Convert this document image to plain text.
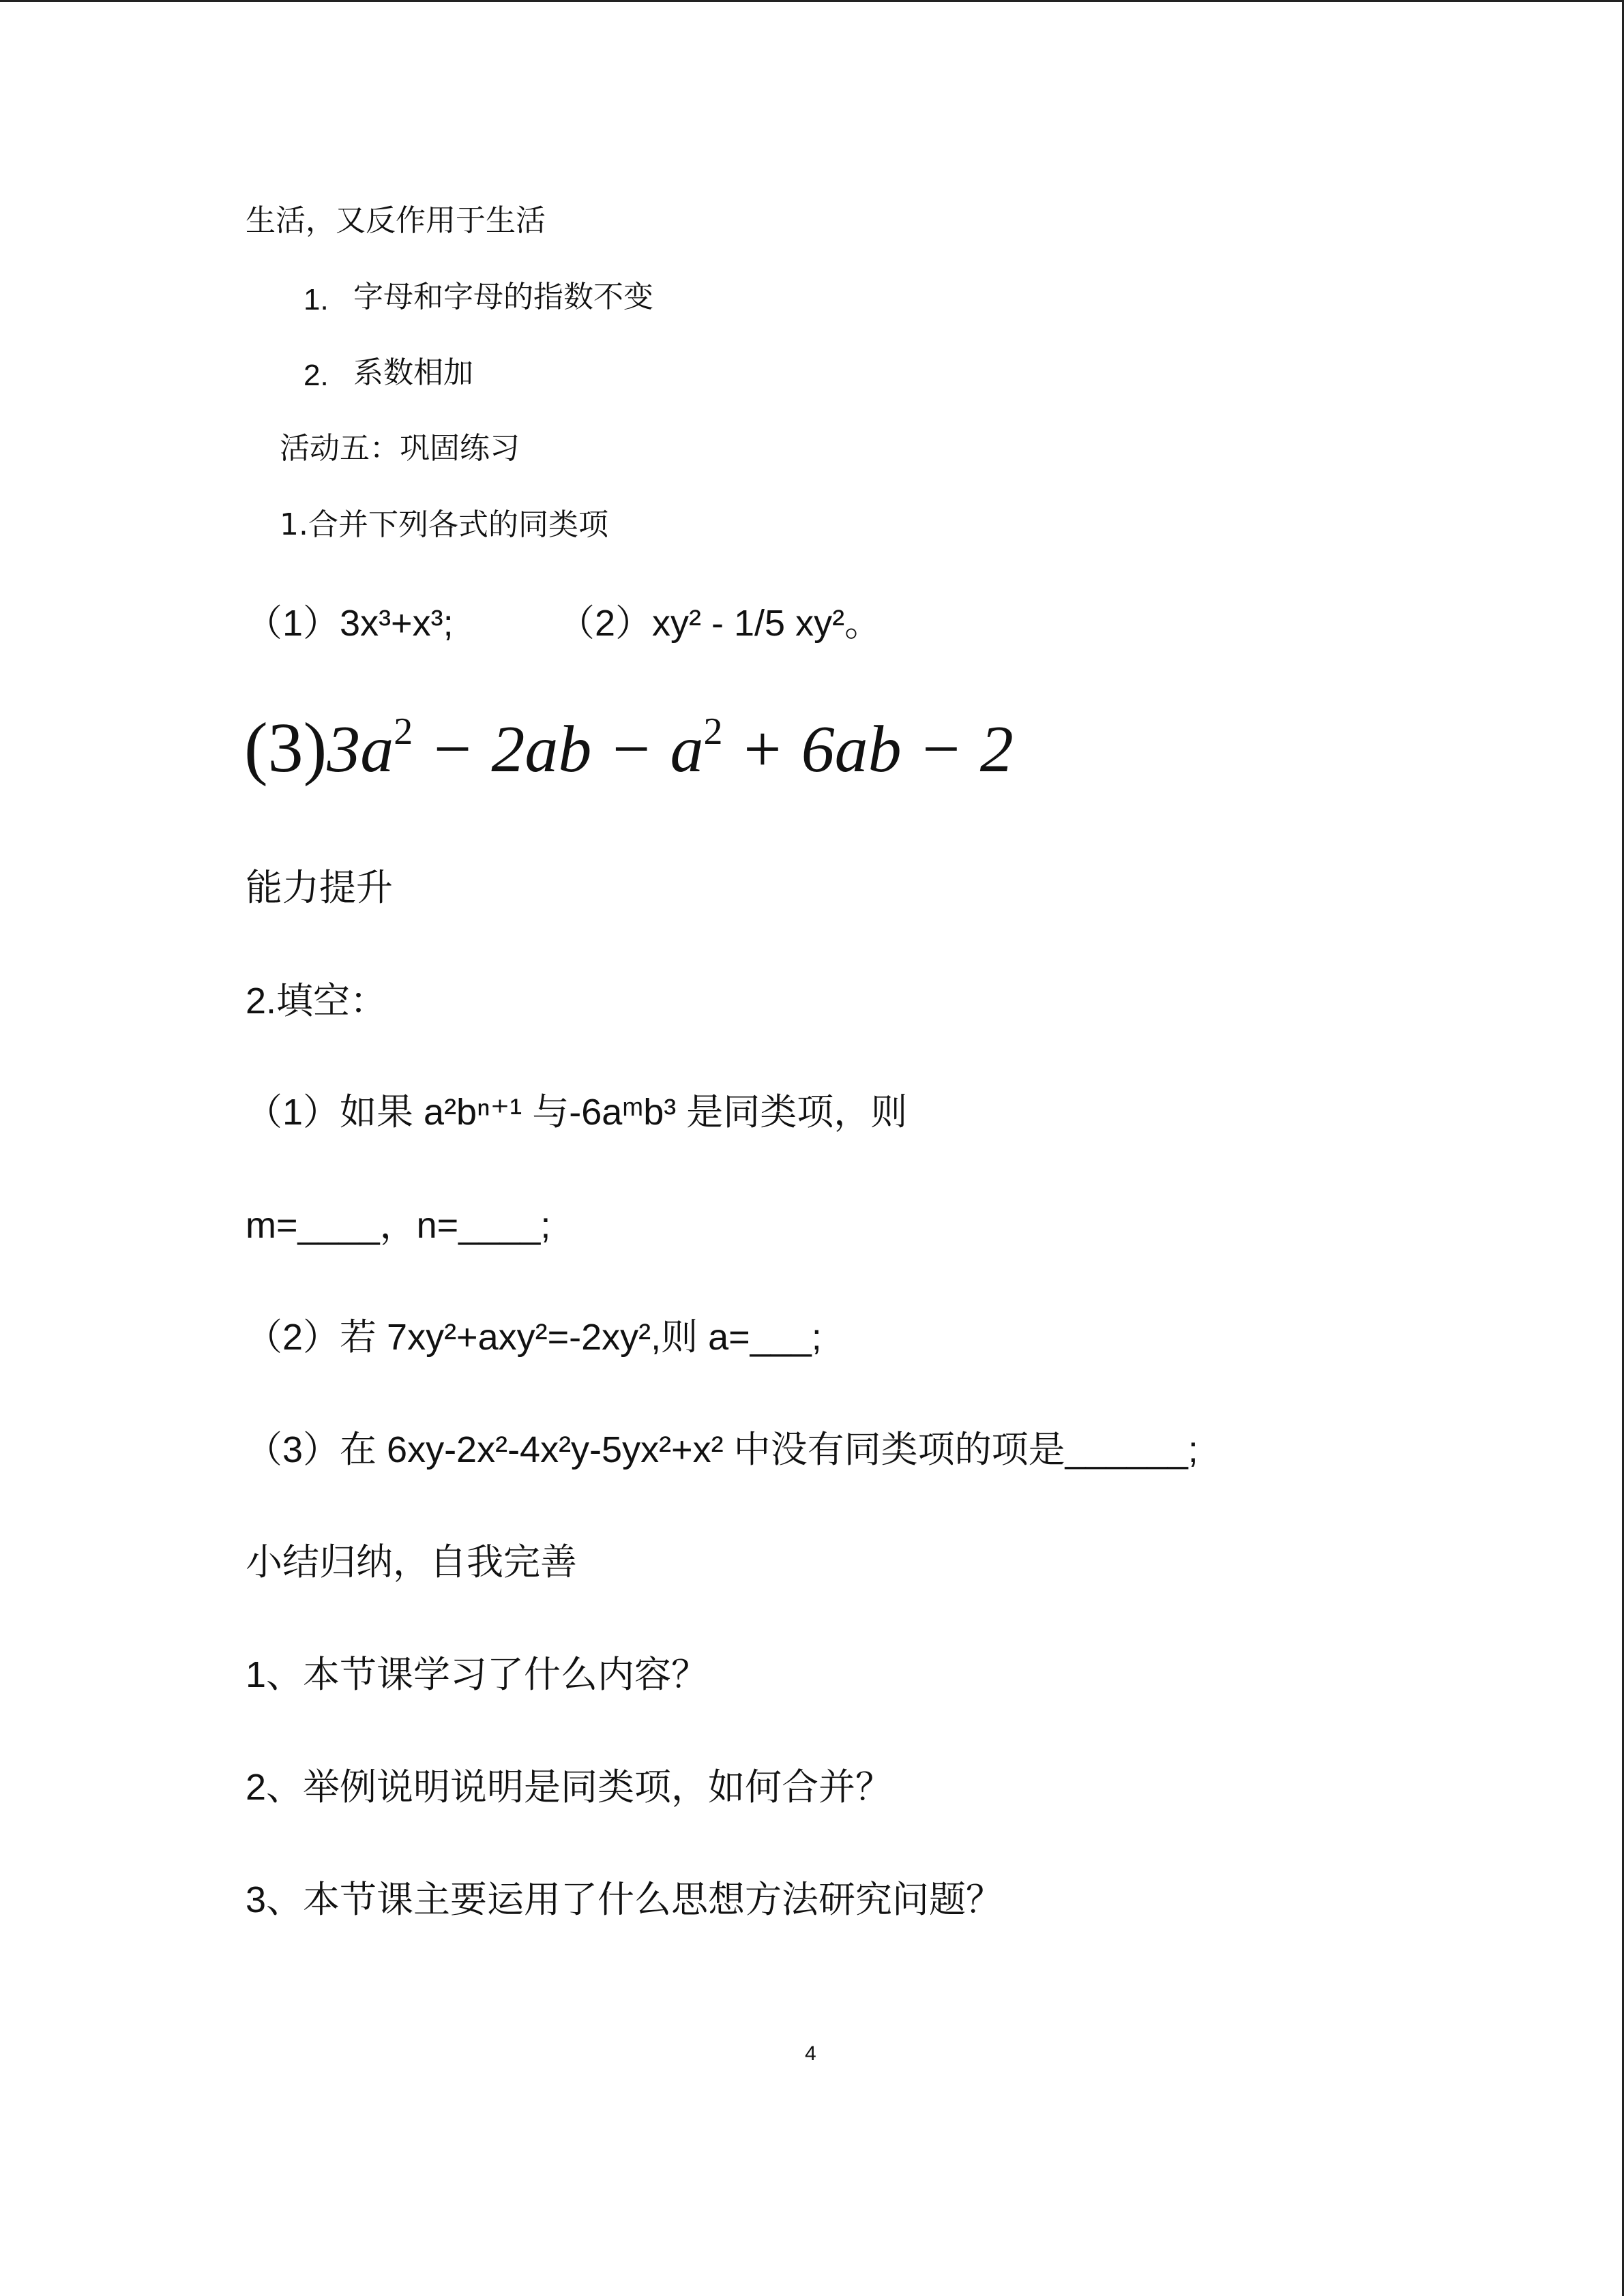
生活，又反作用于生活
1. 字母和字母的指数不变
2. 系数相加
活动五：巩固练习
1.合并下列各式的同类项
（1）3x³+x³;	（2）xy² - 1/5 xy²。
$(3)3a^2 - 2ab - a^2 + 6ab - 2$
能力提升
2.填空：
（1）如果 a²bⁿ⁺¹ 与-6aᵐb³ 是同类项，则
m=____，n=____;
（2）若 7xy²+axy²=-2xy²,则 a=___;
（3）在 6xy-2x²-4x²y-5yx²+x² 中没有同类项的项是______;
小结归纳，自我完善
1、本节课学习了什么内容？
2、举例说明说明是同类项，如何合并？
3、本节课主要运用了什么思想方法研究问题？
4
